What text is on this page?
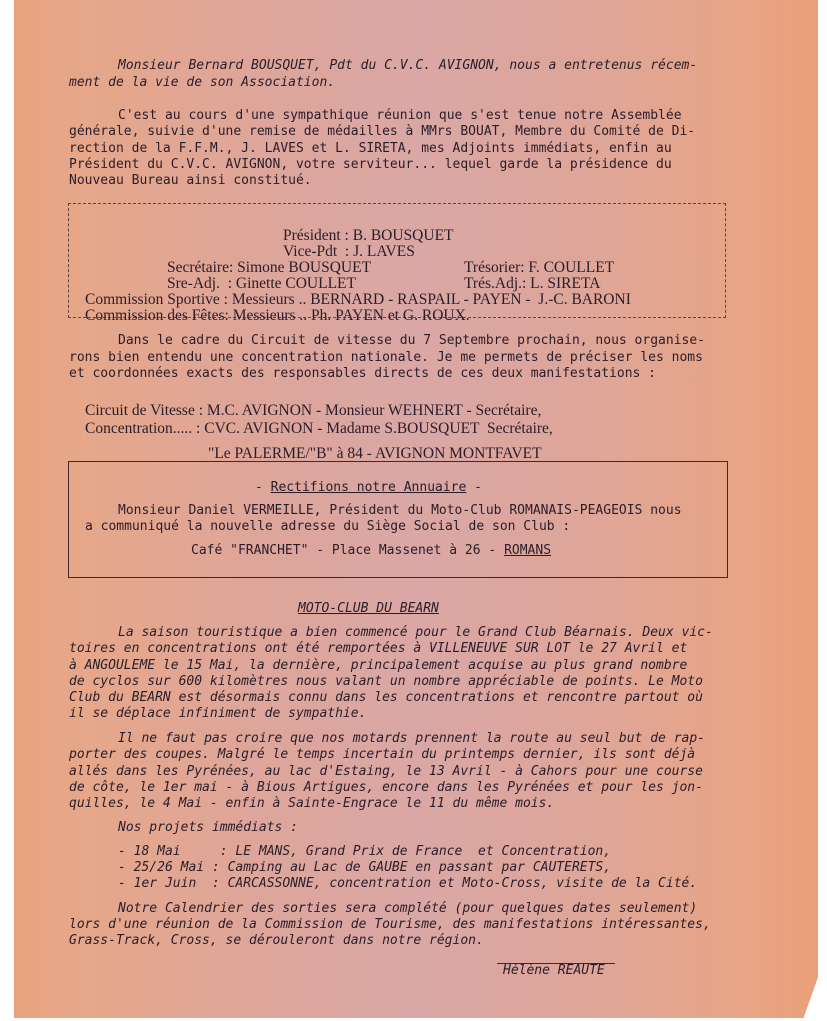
Monsieur Bernard BOUSQUET, Pdt du C.V.C. AVIGNON, nous a entretenus récem-

ment de la vie de son Association.

C'est au cours d'une sympathique réunion que s'est tenue notre Assemblée

générale, suivie d'une remise de médailles à MMrs BOUAT, Membre du Comité de Di-

rection de la F.F.M., J. LAVES et L. SIRETA, mes Adjoints immédiats, enfin au

Président du C.V.C. AVIGNON, votre serviteur... lequel garde la présidence du

Nouveau Bureau ainsi constitué.

Président : B. BOUSQUET

Vice-Pdt  : J. LAVES

Secrétaire: Simone BOUSQUET	Trésorier: F. COULLET

Sre-Adj.  : Ginette COULLET	Trés.Adj.: L. SIRETA

Commission Sportive : Messieurs .. BERNARD - RASPAIL - PAYEN -  J.-C. BARONI

Commission des Fêtes: Messieurs .. Ph. PAYEN et G. ROUX.

Dans le cadre du Circuit de vitesse du 7 Septembre prochain, nous organise-

rons bien entendu une concentration nationale. Je me permets de préciser les noms

et coordonnées exacts des responsables directs de ces deux manifestations :

Circuit de Vitesse : M.C. AVIGNON - Monsieur WEHNERT - Secrétaire,

Concentration..... : CVC. AVIGNON - Madame S.BOUSQUET  Secrétaire,

"Le PALERME/"B" à 84 - AVIGNON MONTFAVET

- Rectifions notre Annuaire -

Monsieur Daniel VERMEILLE, Président du Moto-Club ROMANAIS-PEAGEOIS nous

a communiqué la nouvelle adresse du Siège Social de son Club :

Café "FRANCHET" - Place Massenet à 26 - ROMANS

MOTO-CLUB DU BEARN

La saison touristique a bien commencé pour le Grand Club Béarnais. Deux vic-

toires en concentrations ont été remportées à VILLENEUVE SUR LOT le 27 Avril et

à ANGOULEME le 15 Mai, la dernière, principalement acquise au plus grand nombre

de cyclos sur 600 kilomètres nous valant un nombre appréciable de points. Le Moto

Club du BEARN est désormais connu dans les concentrations et rencontre partout où

il se déplace infiniment de sympathie.

Il ne faut pas croire que nos motards prennent la route au seul but de rap-

porter des coupes. Malgré le temps incertain du printemps dernier, ils sont déjà

allés dans les Pyrénées, au lac d'Estaing, le 13 Avril - à Cahors pour une course

de côte, le 1er mai - à Bious Artigues, encore dans les Pyrénées et pour les jon-

quilles, le 4 Mai - enfin à Sainte-Engrace le 11 du même mois.

Nos projets immédiats :

- 18 Mai     : LE MANS, Grand Prix de France  et Concentration,

- 25/26 Mai : Camping au Lac de GAUBE en passant par CAUTERETS,

- 1er Juin  : CARCASSONNE, concentration et Moto-Cross, visite de la Cité.

Notre Calendrier des sorties sera complété (pour quelques dates seulement)

lors d'une réunion de la Commission de Tourisme, des manifestations intéressantes,

Grass-Track, Cross, se dérouleront dans notre région.

Hélène REAUTE
